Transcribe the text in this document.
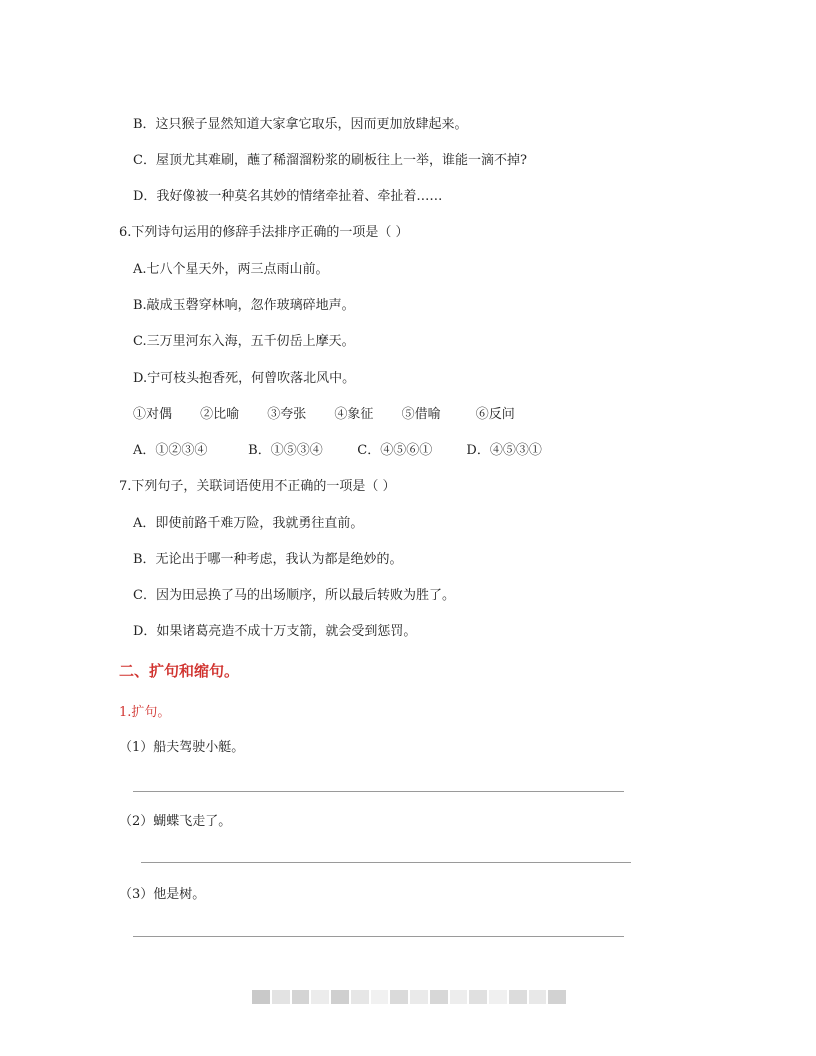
B．这只猴子显然知道大家拿它取乐，因而更加放肆起来。
C．屋顶尤其难刷，蘸了稀溜溜粉浆的刷板往上一举，谁能一滴不掉?
D．我好像被一种莫名其妙的情绪牵扯着、牵扯着……
6.下列诗句运用的修辞手法排序正确的一项是（ ）
A.七八个星天外，两三点雨山前。
B.敲成玉磬穿林响，忽作玻璃碎地声。
C.三万里河东入海，五千仞岳上摩天。
D.宁可枝头抱香死，何曾吹落北风中。
①对偶 ②比喻 ③夸张 ④象征 ⑤借喻	⑥反问
A．①②③④	B．①⑤③④	C．④⑤⑥①	D．④⑤③①
7.下列句子，关联词语使用不正确的一项是（ ）
A．即使前路千难万险，我就勇往直前。
B．无论出于哪一种考虑，我认为都是绝妙的。
C．因为田忌换了马的出场顺序，所以最后转败为胜了。
D．如果诸葛亮造不成十万支箭，就会受到惩罚。
二、扩句和缩句。
1.扩句。
（1）船夫驾驶小艇。
（2）蝴蝶飞走了。
（3）他是树。
